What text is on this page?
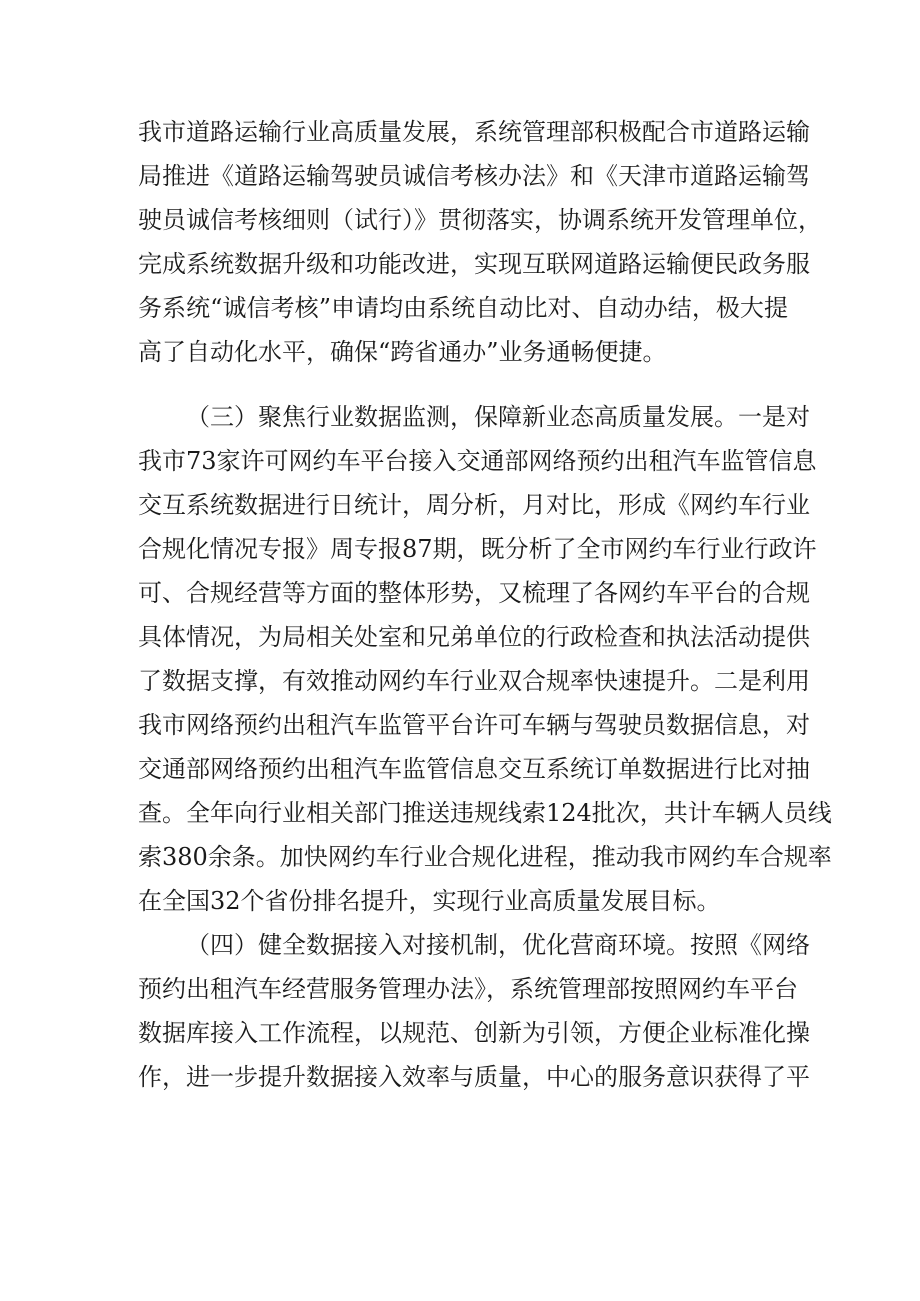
我市道路运输行业高质量发展，系统管理部积极配合市道路运输
局推进《道路运输驾驶员诚信考核办法》和《天津市道路运输驾
驶员诚信考核细则（试行）》贯彻落实，协调系统开发管理单位，
完成系统数据升级和功能改进，实现互联网道路运输便民政务服
务系统“诚信考核”申请均由系统自动比对、自动办结，极大提
高了自动化水平，确保“跨省通办”业务通畅便捷。
（三）聚焦行业数据监测，保障新业态高质量发展。一是对
我市73家许可网约车平台接入交通部网络预约出租汽车监管信息
交互系统数据进行日统计，周分析，月对比，形成《网约车行业
合规化情况专报》周专报87期，既分析了全市网约车行业行政许
可、合规经营等方面的整体形势，又梳理了各网约车平台的合规
具体情况，为局相关处室和兄弟单位的行政检查和执法活动提供
了数据支撑，有效推动网约车行业双合规率快速提升。二是利用
我市网络预约出租汽车监管平台许可车辆与驾驶员数据信息，对
交通部网络预约出租汽车监管信息交互系统订单数据进行比对抽
查。全年向行业相关部门推送违规线索124批次，共计车辆人员线
索380余条。加快网约车行业合规化进程，推动我市网约车合规率
在全国32个省份排名提升，实现行业高质量发展目标。
（四）健全数据接入对接机制，优化营商环境。按照《网络
预约出租汽车经营服务管理办法》，系统管理部按照网约车平台
数据库接入工作流程，以规范、创新为引领，方便企业标准化操
作，进一步提升数据接入效率与质量，中心的服务意识获得了平
